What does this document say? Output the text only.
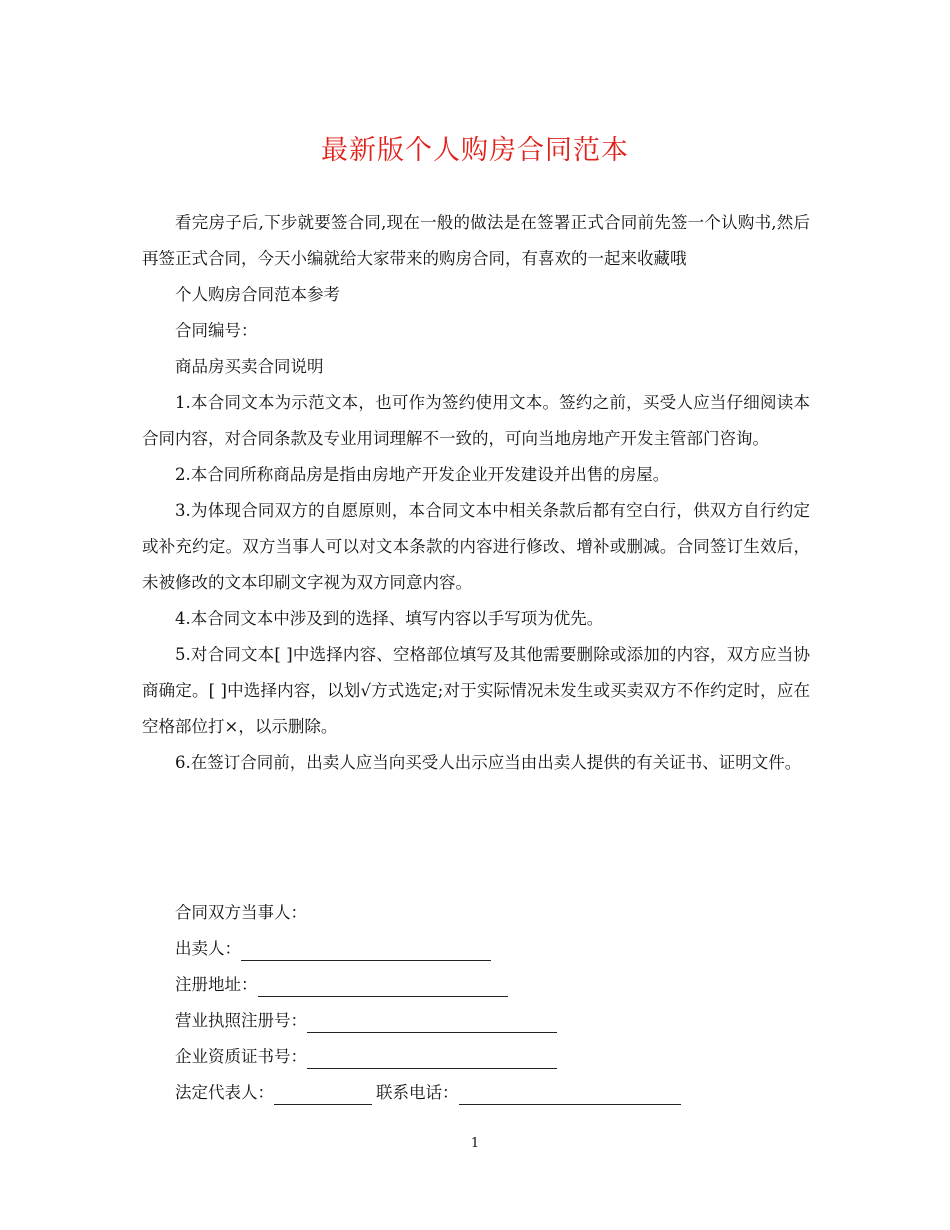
最新版个人购房合同范本

看完房子后,下步就要签合同,现在一般的做法是在签署正式合同前先签一个认购书,然后再签正式合同，今天小编就给大家带来的购房合同，有喜欢的一起来收藏哦

个人购房合同范本参考

合同编号：

商品房买卖合同说明

1.本合同文本为示范文本，也可作为签约使用文本。签约之前，买受人应当仔细阅读本合同内容，对合同条款及专业用词理解不一致的，可向当地房地产开发主管部门咨询。

2.本合同所称商品房是指由房地产开发企业开发建设并出售的房屋。

3.为体现合同双方的自愿原则，本合同文本中相关条款后都有空白行，供双方自行约定或补充约定。双方当事人可以对文本条款的内容进行修改、增补或删减。合同签订生效后，未被修改的文本印刷文字视为双方同意内容。

4.本合同文本中涉及到的选择、填写内容以手写项为优先。

5.对合同文本[ ]中选择内容、空格部位填写及其他需要删除或添加的内容，双方应当协商确定。[ ]中选择内容，以划√方式选定;对于实际情况未发生或买卖双方不作约定时，应在空格部位打×，以示删除。

6.在签订合同前，出卖人应当向买受人出示应当由出卖人提供的有关证书、证明文件。

合同双方当事人：
出卖人：
注册地址：
营业执照注册号：
企业资质证书号：
法定代表人：	联系电话：
1
